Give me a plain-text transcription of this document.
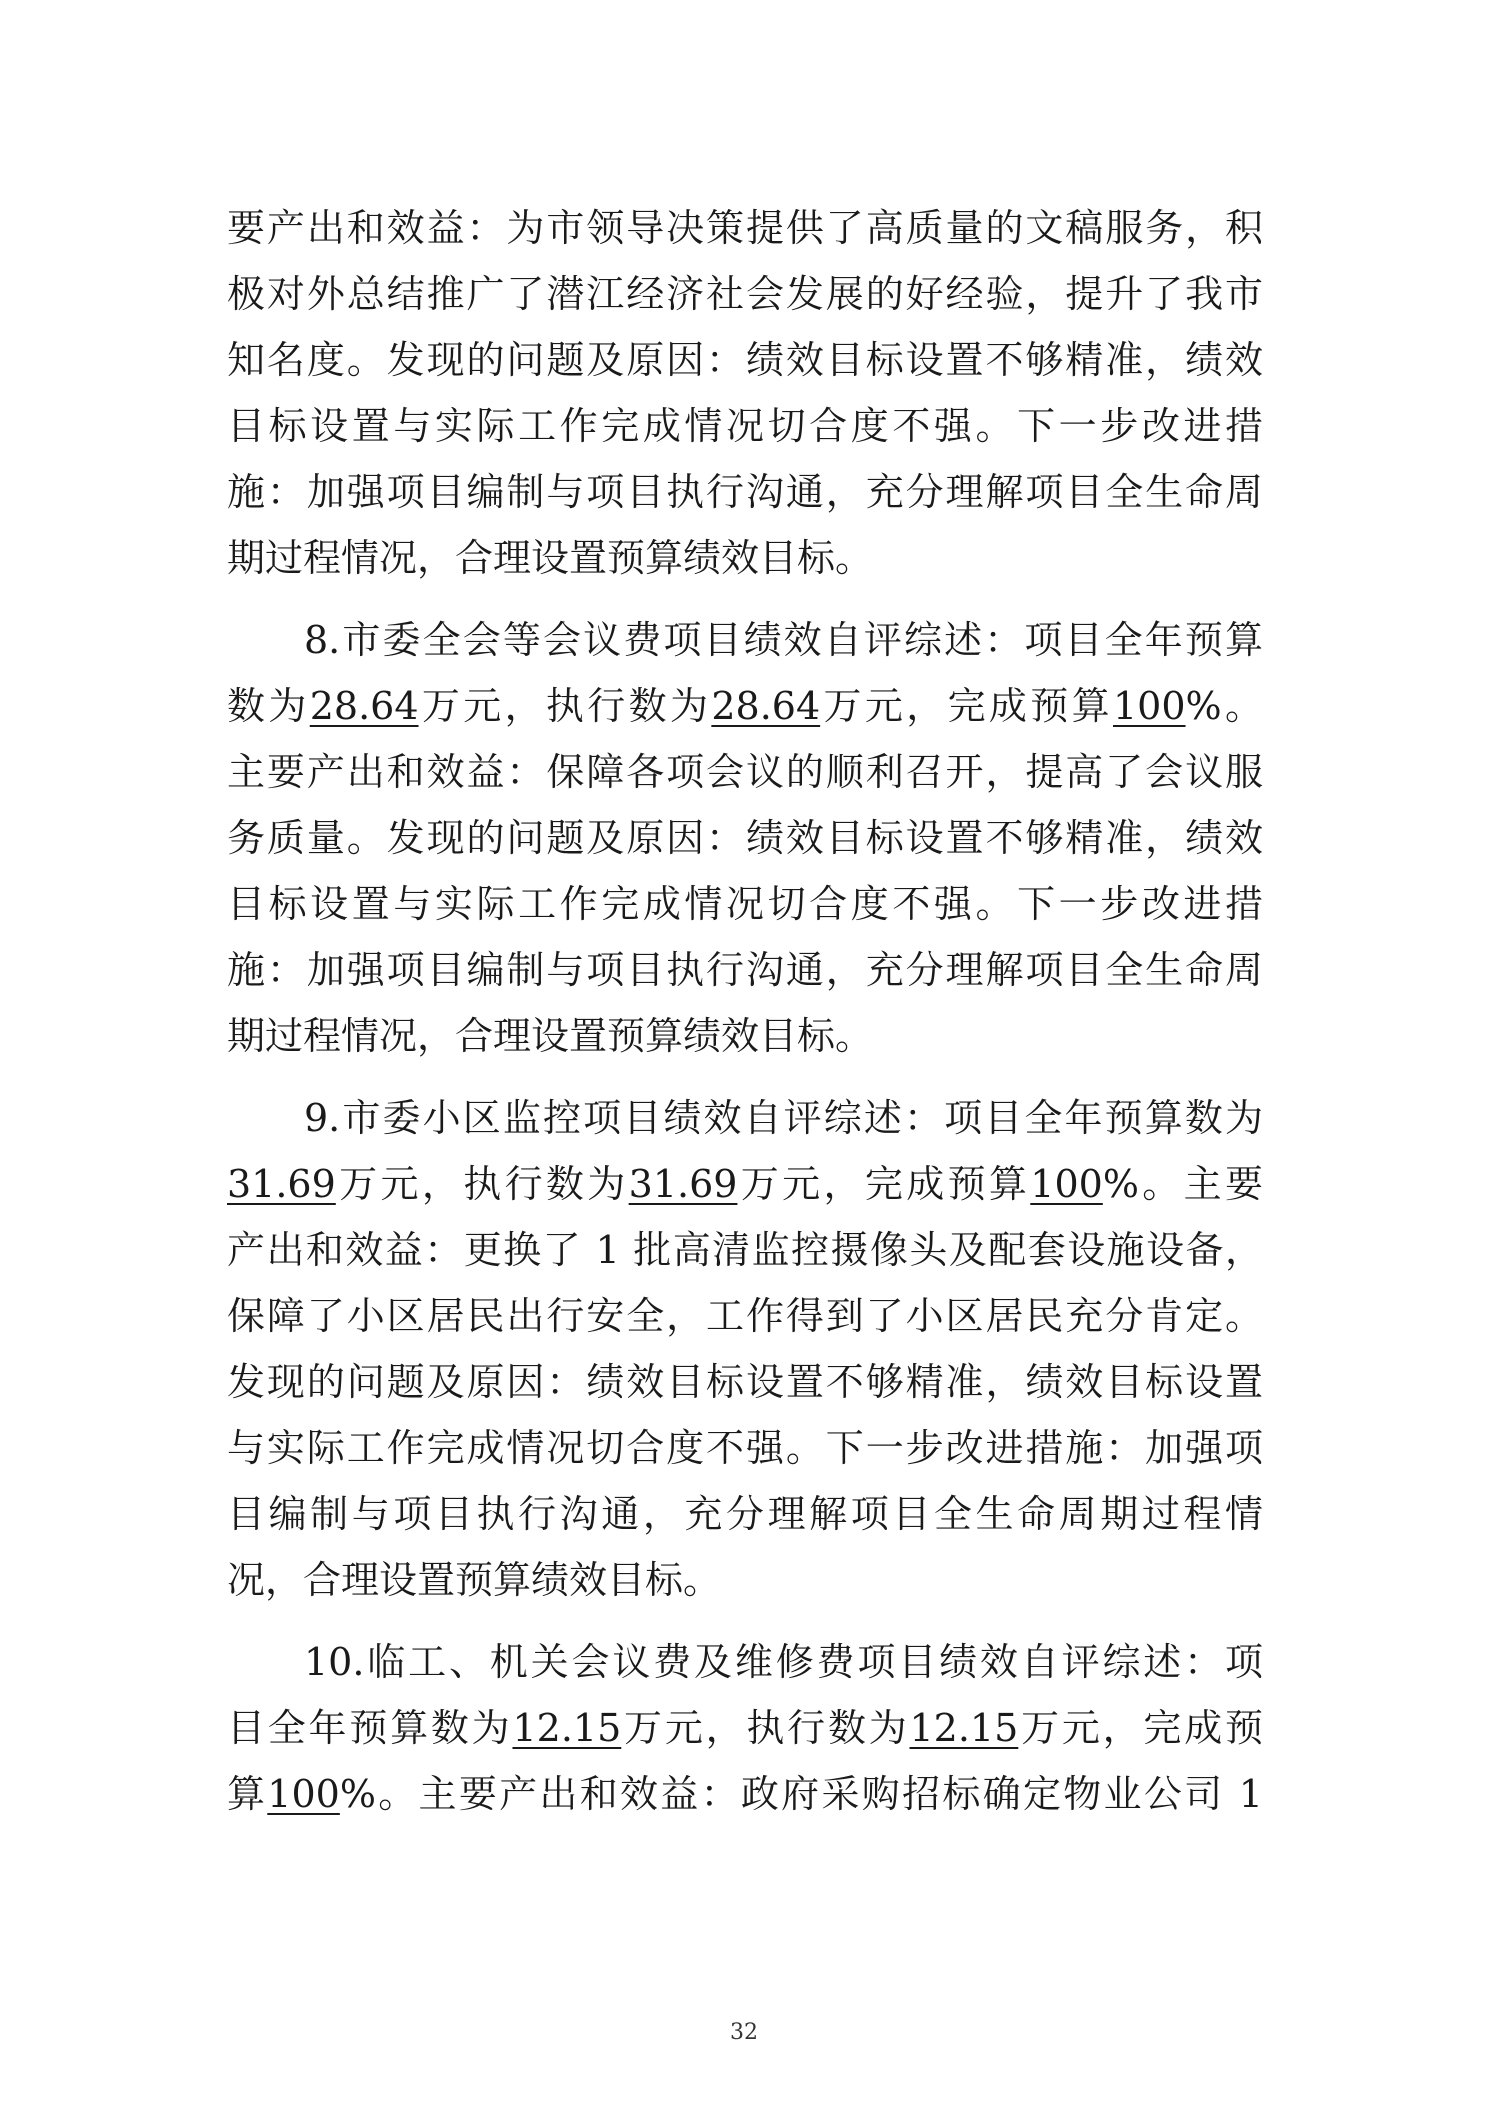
要产出和效益：为市领导决策提供了高质量的文稿服务，积
极对外总结推广了潜江经济社会发展的好经验，提升了我市
知名度。发现的问题及原因：绩效目标设置不够精准，绩效
目标设置与实际工作完成情况切合度不强。下一步改进措
施：加强项目编制与项目执行沟通，充分理解项目全生命周
期过程情况，合理设置预算绩效目标。
8.市委全会等会议费项目绩效自评综述：项目全年预算
数为28.64万元，执行数为28.64万元，完成预算100%。
主要产出和效益：保障各项会议的顺利召开，提高了会议服
务质量。发现的问题及原因：绩效目标设置不够精准，绩效
目标设置与实际工作完成情况切合度不强。下一步改进措
施：加强项目编制与项目执行沟通，充分理解项目全生命周
期过程情况，合理设置预算绩效目标。
9.市委小区监控项目绩效自评综述：项目全年预算数为
31.69万元，执行数为31.69万元，完成预算100%。主要
产出和效益：更换了 1 批高清监控摄像头及配套设施设备，
保障了小区居民出行安全，工作得到了小区居民充分肯定。
发现的问题及原因：绩效目标设置不够精准，绩效目标设置
与实际工作完成情况切合度不强。下一步改进措施：加强项
目编制与项目执行沟通，充分理解项目全生命周期过程情
况，合理设置预算绩效目标。
10.临工、机关会议费及维修费项目绩效自评综述：项
目全年预算数为12.15万元，执行数为12.15万元，完成预
算100%。主要产出和效益：政府采购招标确定物业公司 1
32
